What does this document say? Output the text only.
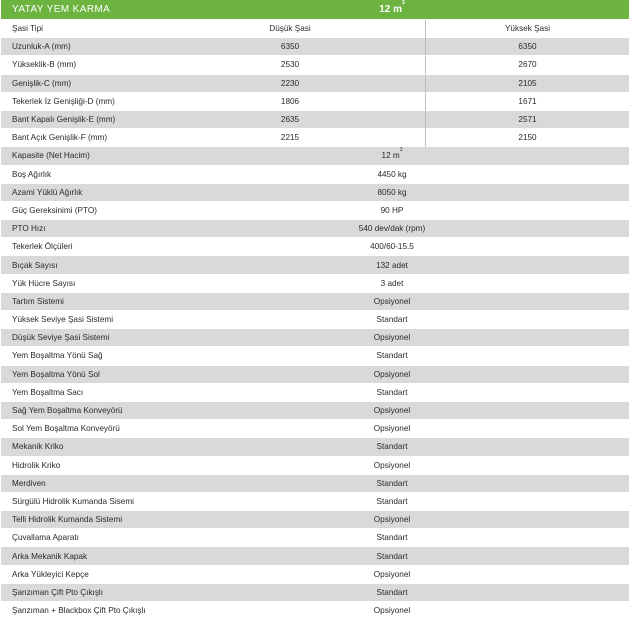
YATAY YEM KARMA	12 $m^3$
Şasi Tipi	Düşük Şasi	Yüksek Şasi
Uzunluk-A (mm)	6350	6350
Yükseklik-B (mm)	2530	2670
Genişlik-C (mm)	2230	2105
Tekerlek İz Genişliği-D (mm)	1806	1671
Bant Kapalı Genişlik-E (mm)	2635	2571
Bant Açık Genişlik-F (mm)	2215	2150
Kapasite (Net Hacim)	12 $m^3$
Boş Ağırlık	4450 kg	
Azami Yüklü Ağırlık	8050 kg	
Güç Gereksinimi (PTO)	90 HP	
PTO Hızı	540 dev/dak (rpm)	
Tekerlek Ölçüleri	400/60-15.5	
Bıçak Sayısı	132 adet	
Yük Hücre Sayısı	3 adet	
Tartım Sistemi	Opsiyonel	
Yüksek Seviye Şasi Sistemi	Standart	
Düşük Seviye Şasi Sistemi	Opsiyonel	
Yem Boşaltma Yönü Sağ	Standart	
Yem Boşaltma Yönü Sol	Opsiyonel	
Yem Boşaltma Sacı	Standart	
Sağ Yem Boşaltma Konveyörü	Opsiyonel	
Sol Yem Boşaltma Konveyörü	Opsiyonel	
Mekanik Kriko	Standart	
Hidrolik Kriko	Opsiyonel	
Merdiven	Standart	
Sürgülü Hidrolik Kumanda Sisemi	Standart	
Telli Hidrolik Kumanda Sistemi	Opsiyonel	
Çuvallama Aparatı	Standart	
Arka Mekanik Kapak	Standart	
Arka Yükleyici Kepçe	Opsiyonel	
Şanzıman Çift Pto Çıkışlı	Standart	
Şanzıman + Blackbox Çift Pto Çıkışlı	Opsiyonel	
